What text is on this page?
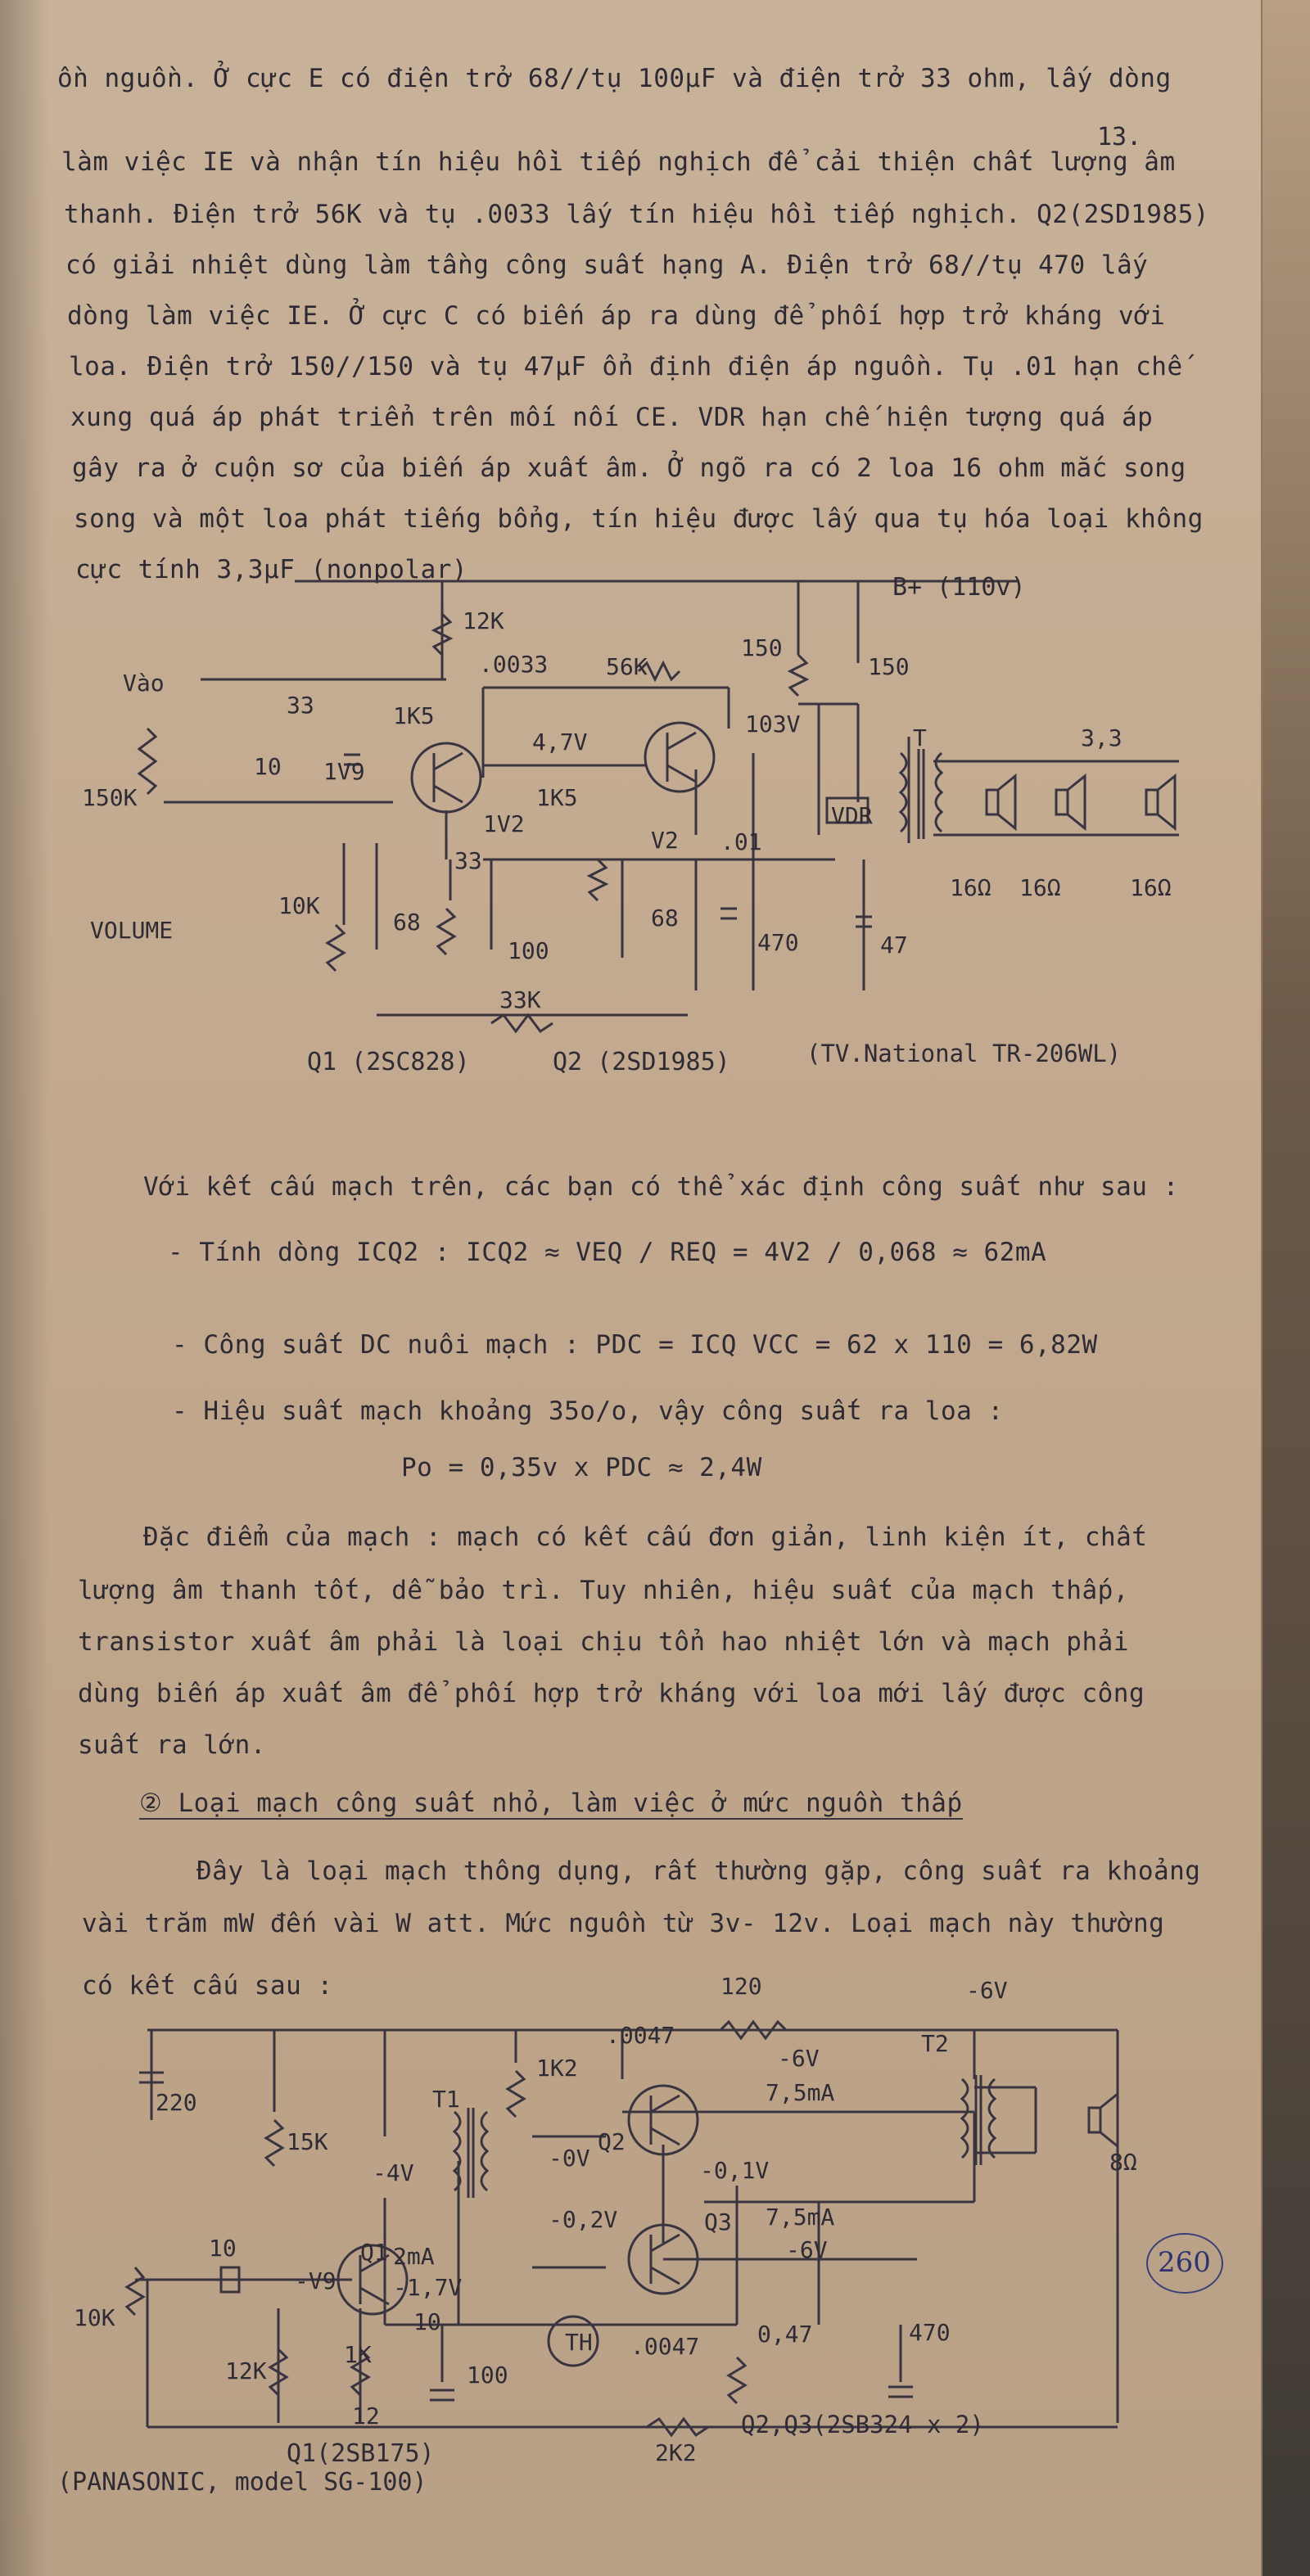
13.
ồn nguồn. Ở cực E có điện trở 68//tụ 100μF và điện trở 33 ohm, lấy dòng
làm việc IE và nhận tín hiệu hồi tiếp nghịch để cải thiện chất lượng âm
thanh. Điện trở 56K và tụ .0033 lấy tín hiệu hồi tiếp nghịch. Q2(2SD1985)
có giải nhiệt dùng làm tầng công suất hạng A. Điện trở 68//tụ 470 lấy
dòng làm việc IE. Ở cực C có biến áp ra dùng để phối hợp trở kháng với
loa. Điện trở 150//150 và tụ 47μF ổn định điện áp nguồn. Tụ .01 hạn chế
xung quá áp phát triển trên mối nối CE. VDR hạn chế hiện tượng quá áp
gây ra ở cuộn sơ của biến áp xuất âm. Ở ngõ ra có 2 loa 16 ohm mắc song
song và một loa phát tiếng bổng, tín hiệu được lấy qua tụ hóa loại không
cực tính 3,3μF (nonpolar)
B+ (110v)
Vào
150K
VOLUME
12K
.0033	56K
150
150
33	1K5
10 1V9
4,7V
103V
1K5
1V2
V2 .01
VDR
T	3,3
33
10K
68
100
68
470	47
33K
16Ω 16Ω	16Ω
Q1 (2SC828)	Q2 (2SD1985)	(TV.National TR-206WL)
Với kết cấu mạch trên, các bạn có thể xác định công suất như sau :
- Tính dòng ICQ2 : ICQ2 ≈ VEQ / REQ = 4V2 / 0,068 ≈ 62mA
- Công suất DC nuôi mạch : PDC = ICQ VCC = 62 x 110 = 6,82W
- Hiệu suất mạch khoảng 35o/o, vậy công suất ra loa :
Po = 0,35v x PDC ≈ 2,4W
Đặc điểm của mạch : mạch có kết cấu đơn giản, linh kiện ít, chất
lượng âm thanh tốt, dễ bảo trì. Tuy nhiên, hiệu suất của mạch thấp,
transistor xuất âm phải là loại chịu tổn hao nhiệt lớn và mạch phải
dùng biến áp xuất âm để phối hợp trở kháng với loa mới lấy được công
suất ra lớn.
② Loại mạch công suất nhỏ, làm việc ở mức nguồn thấp
Đây là loại mạch thông dụng, rất thường gặp, công suất ra khoảng
vài trăm mW đến vài W att. Mức nguồn từ 3v- 12v. Loại mạch này thường
có kết cấu sau :
260
-6V
120
220
15K
1K2
.0047
-6V
7,5mA
T1
T2
-4V
-0V	-0,1V
-0,2V	7,5mA
-6V
8Ω
Q1
Q2
Q3
2mA
10
-V9 -1,7V
10K
12K
1K
10
100
TH .0047	0,47	470
12
2K2
Q1(2SB175)
Q2,Q3(2SB324 x 2)
(PANASONIC, model SG-100)
